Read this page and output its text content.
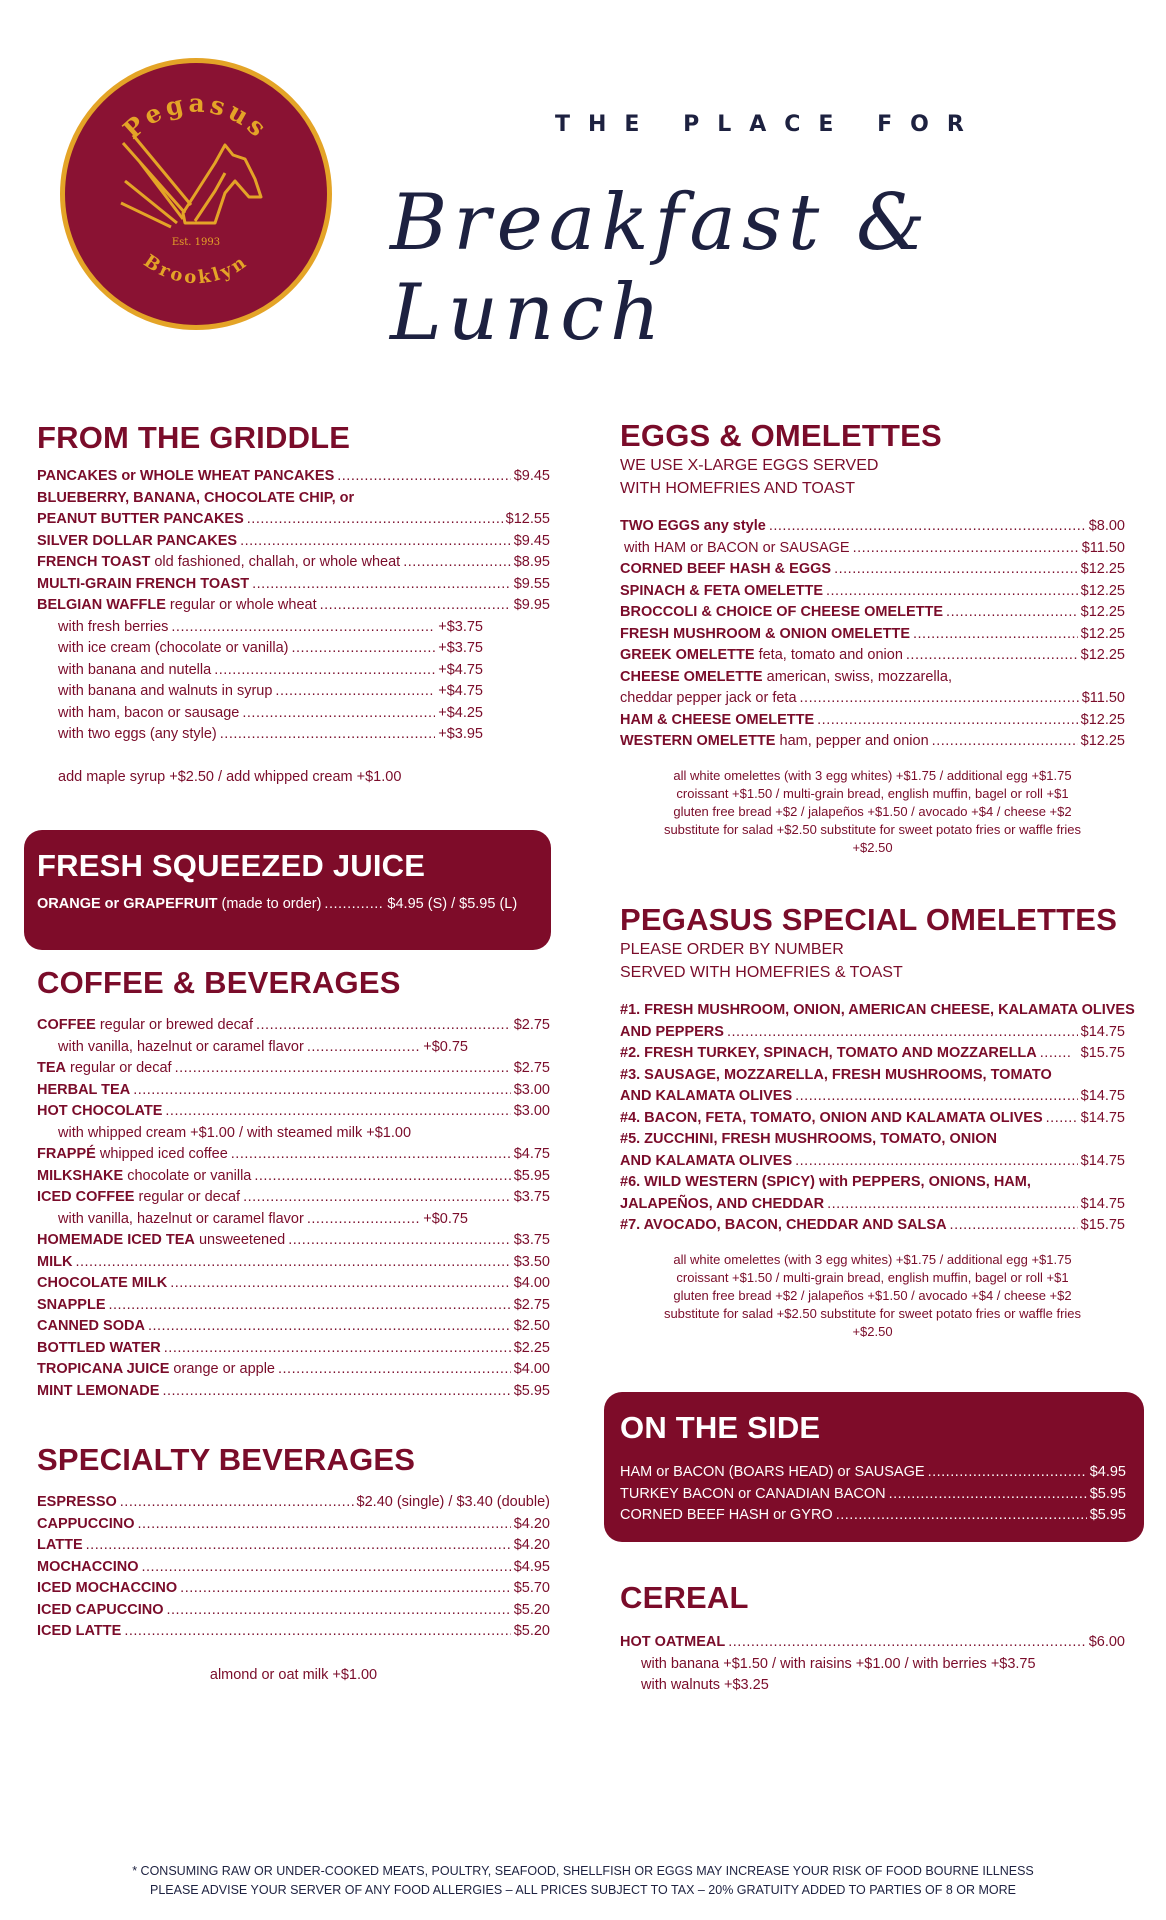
Pegasus
Brooklyn
Est. 1993
THE PLACE FOR
Breakfast & Lunch
FROM THE GRIDDLE
PANCAKES or WHOLE WHEAT PANCAKES .....	$9.45
BLUEBERRY, BANANA, CHOCOLATE CHIP, or
PEANUT BUTTER PANCAKES .....	$12.55
SILVER DOLLAR PANCAKES .....	$9.45
FRENCH TOAST
old fashioned, challah, or whole wheat .....	$8.95
MULTI-GRAIN FRENCH TOAST .....	$9.55
BELGIAN WAFFLE
regular or whole wheat .....	$9.95
with fresh berries .....	+$3.75
with ice cream (chocolate or vanilla) .....	+$3.75
with banana and nutella .....	+$4.75
with banana and walnuts in syrup .....	+$4.75
with ham, bacon or sausage .....	+$4.25
with two eggs (any style) .....	+$3.95
add maple syrup +$2.50 / add whipped cream +$1.00
FRESH SQUEEZED JUICE
ORANGE or GRAPEFRUIT
(made to order) .....	$4.95 (S) / $5.95 (L)
COFFEE & BEVERAGES
COFFEE
regular or brewed decaf .....	$2.75
with vanilla, hazelnut or caramel flavor .....	+$0.75
TEA
regular or decaf .....	$2.75
HERBAL TEA .....	$3.00
HOT CHOCOLATE .....	$3.00
with whipped cream +$1.00 / with steamed milk +$1.00
FRAPPÉ
whipped iced coffee .....	$4.75
MILKSHAKE
chocolate or vanilla .....	$5.95
ICED COFFEE
regular or decaf .....	$3.75
with vanilla, hazelnut or caramel flavor .....	+$0.75
HOMEMADE ICED TEA
unsweetened .....	$3.75
MILK .....	$3.50
CHOCOLATE MILK .....	$4.00
SNAPPLE .....	$2.75
CANNED SODA .....	$2.50
BOTTLED WATER .....	$2.25
TROPICANA JUICE
orange or apple .....	$4.00
MINT LEMONADE .....	$5.95
SPECIALTY BEVERAGES
ESPRESSO .....	$2.40 (single) / $3.40 (double)
CAPPUCCINO .....	$4.20
LATTE .....	$4.20
MOCHACCINO .....	$4.95
ICED MOCHACCINO .....	$5.70
ICED CAPUCCINO .....	$5.20
ICED LATTE .....	$5.20
almond or oat milk +$1.00
EGGS & OMELETTES
WE USE X-LARGE EGGS SERVED
WITH HOMEFRIES AND TOAST
TWO EGGS any style .....	$8.00
with HAM or BACON or SAUSAGE .....	$11.50
CORNED BEEF HASH & EGGS .....	$12.25
SPINACH & FETA OMELETTE .....	$12.25
BROCCOLI & CHOICE OF CHEESE OMELETTE .....	$12.25
FRESH MUSHROOM & ONION OMELETTE .....	$12.25
GREEK OMELETTE
feta, tomato and onion .....	$12.25
CHEESE OMELETTE
american, swiss, mozzarella,
cheddar pepper jack or feta .....	$11.50
HAM & CHEESE OMELETTE .....	$12.25
WESTERN OMELETTE
ham, pepper and onion .....	$12.25
all white omelettes (with 3 egg whites) +$1.75 / additional egg +$1.75
croissant +$1.50 / multi-grain bread, english muffin, bagel or roll +$1
gluten free bread +$2 / jalapeños +$1.50 / avocado +$4 / cheese +$2
substitute for salad +$2.50 substitute for sweet potato fries or waffle fries
+$2.50
PEGASUS SPECIAL OMELETTES
PLEASE ORDER BY NUMBER
SERVED WITH HOMEFRIES & TOAST
#1. FRESH MUSHROOM, ONION, AMERICAN CHEESE, KALAMATA OLIVES
AND PEPPERS .....	$14.75
#2. FRESH TURKEY, SPINACH, TOMATO AND MOZZARELLA .....	$15.75
#3. SAUSAGE, MOZZARELLA, FRESH MUSHROOMS, TOMATO
AND KALAMATA OLIVES .....	$14.75
#4. BACON, FETA, TOMATO, ONION AND KALAMATA OLIVES .....	$14.75
#5. ZUCCHINI, FRESH MUSHROOMS, TOMATO, ONION
AND KALAMATA OLIVES .....	$14.75
#6. WILD WESTERN (SPICY) with PEPPERS, ONIONS, HAM,
JALAPEÑOS, AND CHEDDAR .....	$14.75
#7. AVOCADO, BACON, CHEDDAR AND SALSA .....	$15.75
all white omelettes (with 3 egg whites) +$1.75 / additional egg +$1.75
croissant +$1.50 / multi-grain bread, english muffin, bagel or roll +$1
gluten free bread +$2 / jalapeños +$1.50 / avocado +$4 / cheese +$2
substitute for salad +$2.50 substitute for sweet potato fries or waffle fries
+$2.50
ON THE SIDE
HAM or BACON (BOARS HEAD) or SAUSAGE .....	$4.95
TURKEY BACON or CANADIAN BACON .....	$5.95
CORNED BEEF HASH or GYRO .....	$5.95
CEREAL
HOT OATMEAL .....	$6.00
with banana +$1.50 / with raisins +$1.00 / with berries +$3.75
with walnuts +$3.25
* CONSUMING RAW OR UNDER-COOKED MEATS, POULTRY, SEAFOOD, SHELLFISH OR EGGS MAY INCREASE YOUR RISK OF FOOD BOURNE ILLNESS
PLEASE ADVISE YOUR SERVER OF ANY FOOD ALLERGIES – ALL PRICES SUBJECT TO TAX – 20% GRATUITY ADDED TO PARTIES OF 8 OR MORE
